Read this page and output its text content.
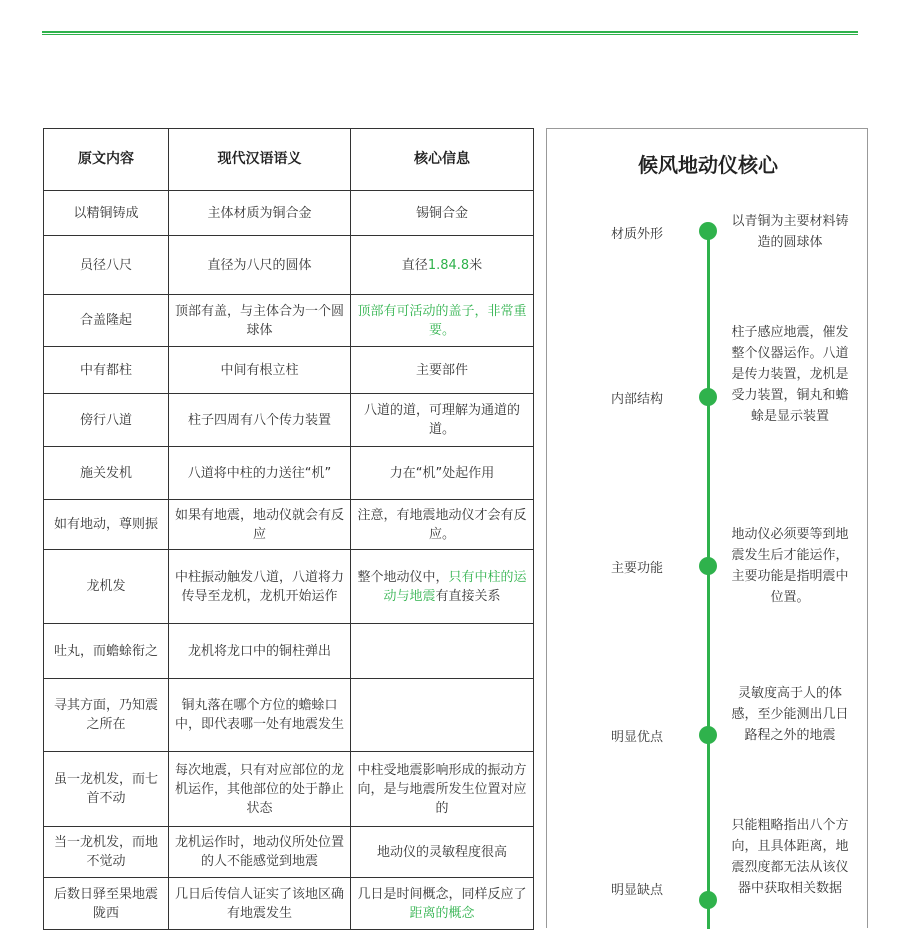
原文内容	现代汉语语义	核心信息
以精铜铸成	主体材质为铜合金	锡铜合金
员径八尺	直径为八尺的圆体	直径1.84.8米
合盖隆起	顶部有盖，与主体合为一个圆球体	顶部有可活动的盖子，非常重要。
中有都柱	中间有根立柱	主要部件
傍行八道	柱子四周有八个传力装置	八道的道，可理解为通道的道。
施关发机	八道将中柱的力送往“机”	力在“机”处起作用
如有地动，尊则振	如果有地震，地动仪就会有反应	注意，有地震地动仪才会有反应。
龙机发	中柱振动触发八道，八道将力传导至龙机，龙机开始运作	整个地动仪中，只有中柱的运动与地震有直接关系
吐丸，而蟾蜍衔之	龙机将龙口中的铜柱弹出	
寻其方面，乃知震之所在	铜丸落在哪个方位的蟾蜍口中，即代表哪一处有地震发生	
虽一龙机发，而七首不动	每次地震，只有对应部位的龙机运作，其他部位的处于静止状态	中柱受地震影响形成的振动方向，是与地震所发生位置对应的
当一龙机发，而地不觉动	龙机运作时，地动仪所处位置的人不能感觉到地震	地动仪的灵敏程度很高
后数日驿至果地震陇西	几日后传信人证实了该地区确有地震发生	几日是时间概念，同样反应了距离的概念
候风地动仪核心
材质外形
以青铜为主要材料铸造的圆球体
内部结构
柱子感应地震，催发整个仪器运作。八道是传力装置，龙机是受力装置，铜丸和蟾蜍是显示装置
主要功能
地动仪必须要等到地震发生后才能运作，主要功能是指明震中位置。
明显优点
灵敏度高于人的体感，至少能测出几日路程之外的地震
明显缺点
只能粗略指出八个方向，且具体距离，地震烈度都无法从该仪器中获取相关数据
